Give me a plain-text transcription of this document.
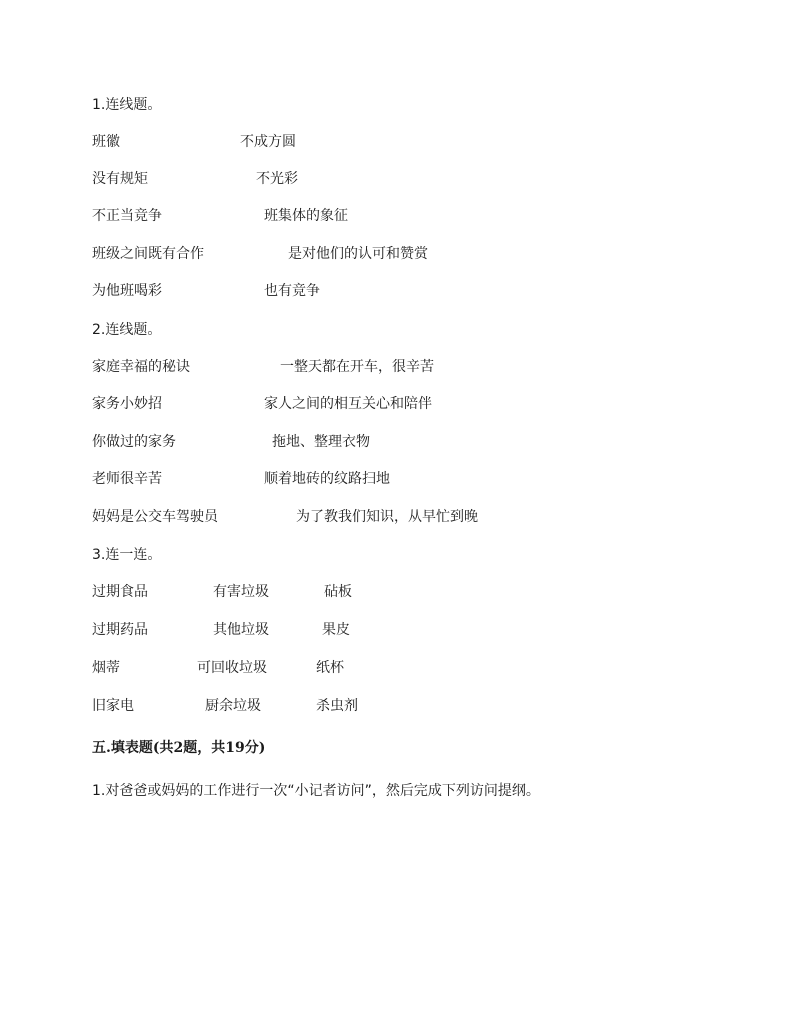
1.连线题。
班徽	不成方圆
没有规矩	不光彩
不正当竞争	班集体的象征
班级之间既有合作	是对他们的认可和赞赏
为他班喝彩	也有竞争
2.连线题。
家庭幸福的秘诀	一整天都在开车，很辛苦
家务小妙招	家人之间的相互关心和陪伴
你做过的家务	拖地、整理衣物
老师很辛苦	顺着地砖的纹路扫地
妈妈是公交车驾驶员	为了教我们知识，从早忙到晚
3.连一连。
过期食品	有害垃圾	砧板
过期药品	其他垃圾	果皮
烟蒂	可回收垃圾	纸杯
旧家电	厨余垃圾	杀虫剂
五.填表题(共2题，共19分)
1.对爸爸或妈妈的工作进行一次“小记者访问”，然后完成下列访问提纲。
